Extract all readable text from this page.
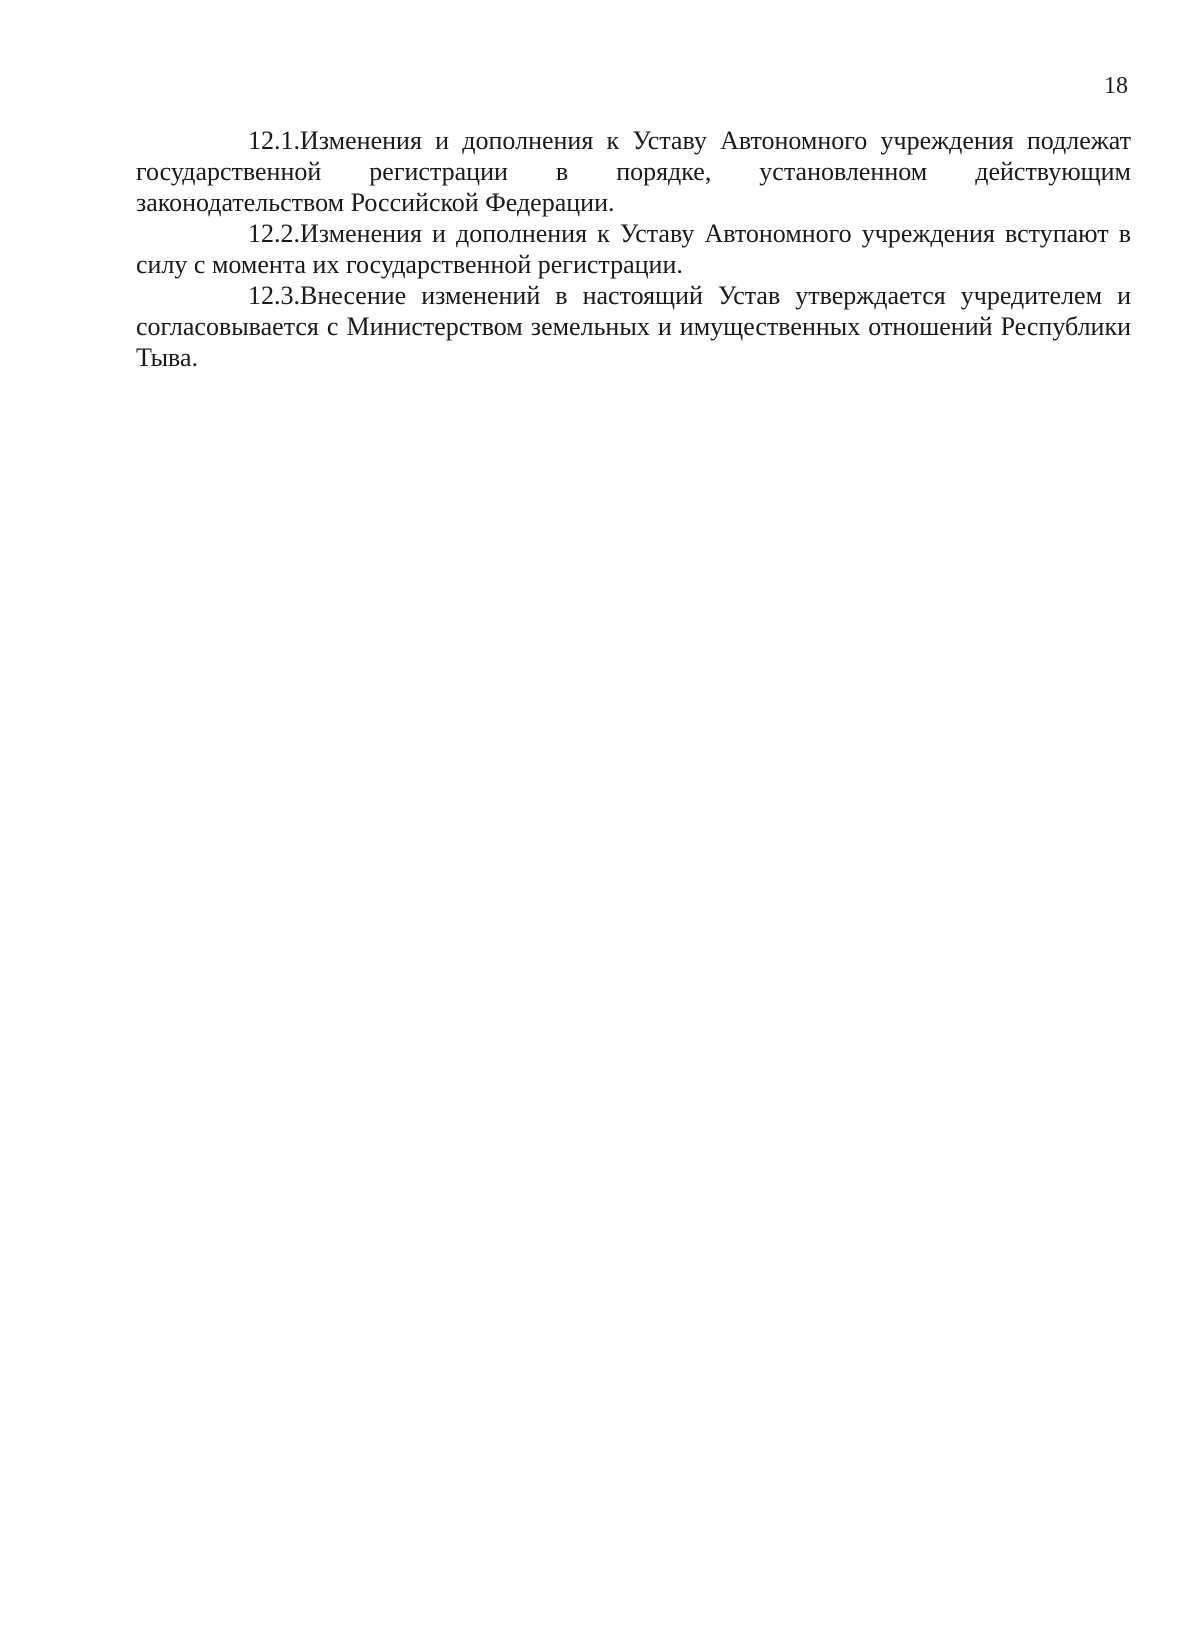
18

12.1.Изменения и дополнения к Уставу Автономного учреждения подлежат государственной регистрации в порядке, установленном действующим законодательством Российской Федерации.

12.2.Изменения и дополнения к Уставу Автономного учреждения вступают в силу с момента их государственной регистрации.

12.3.Внесение изменений в настоящий Устав утверждается учредителем и согласовывается с Министерством земельных и имущественных отношений Республики Тыва.
